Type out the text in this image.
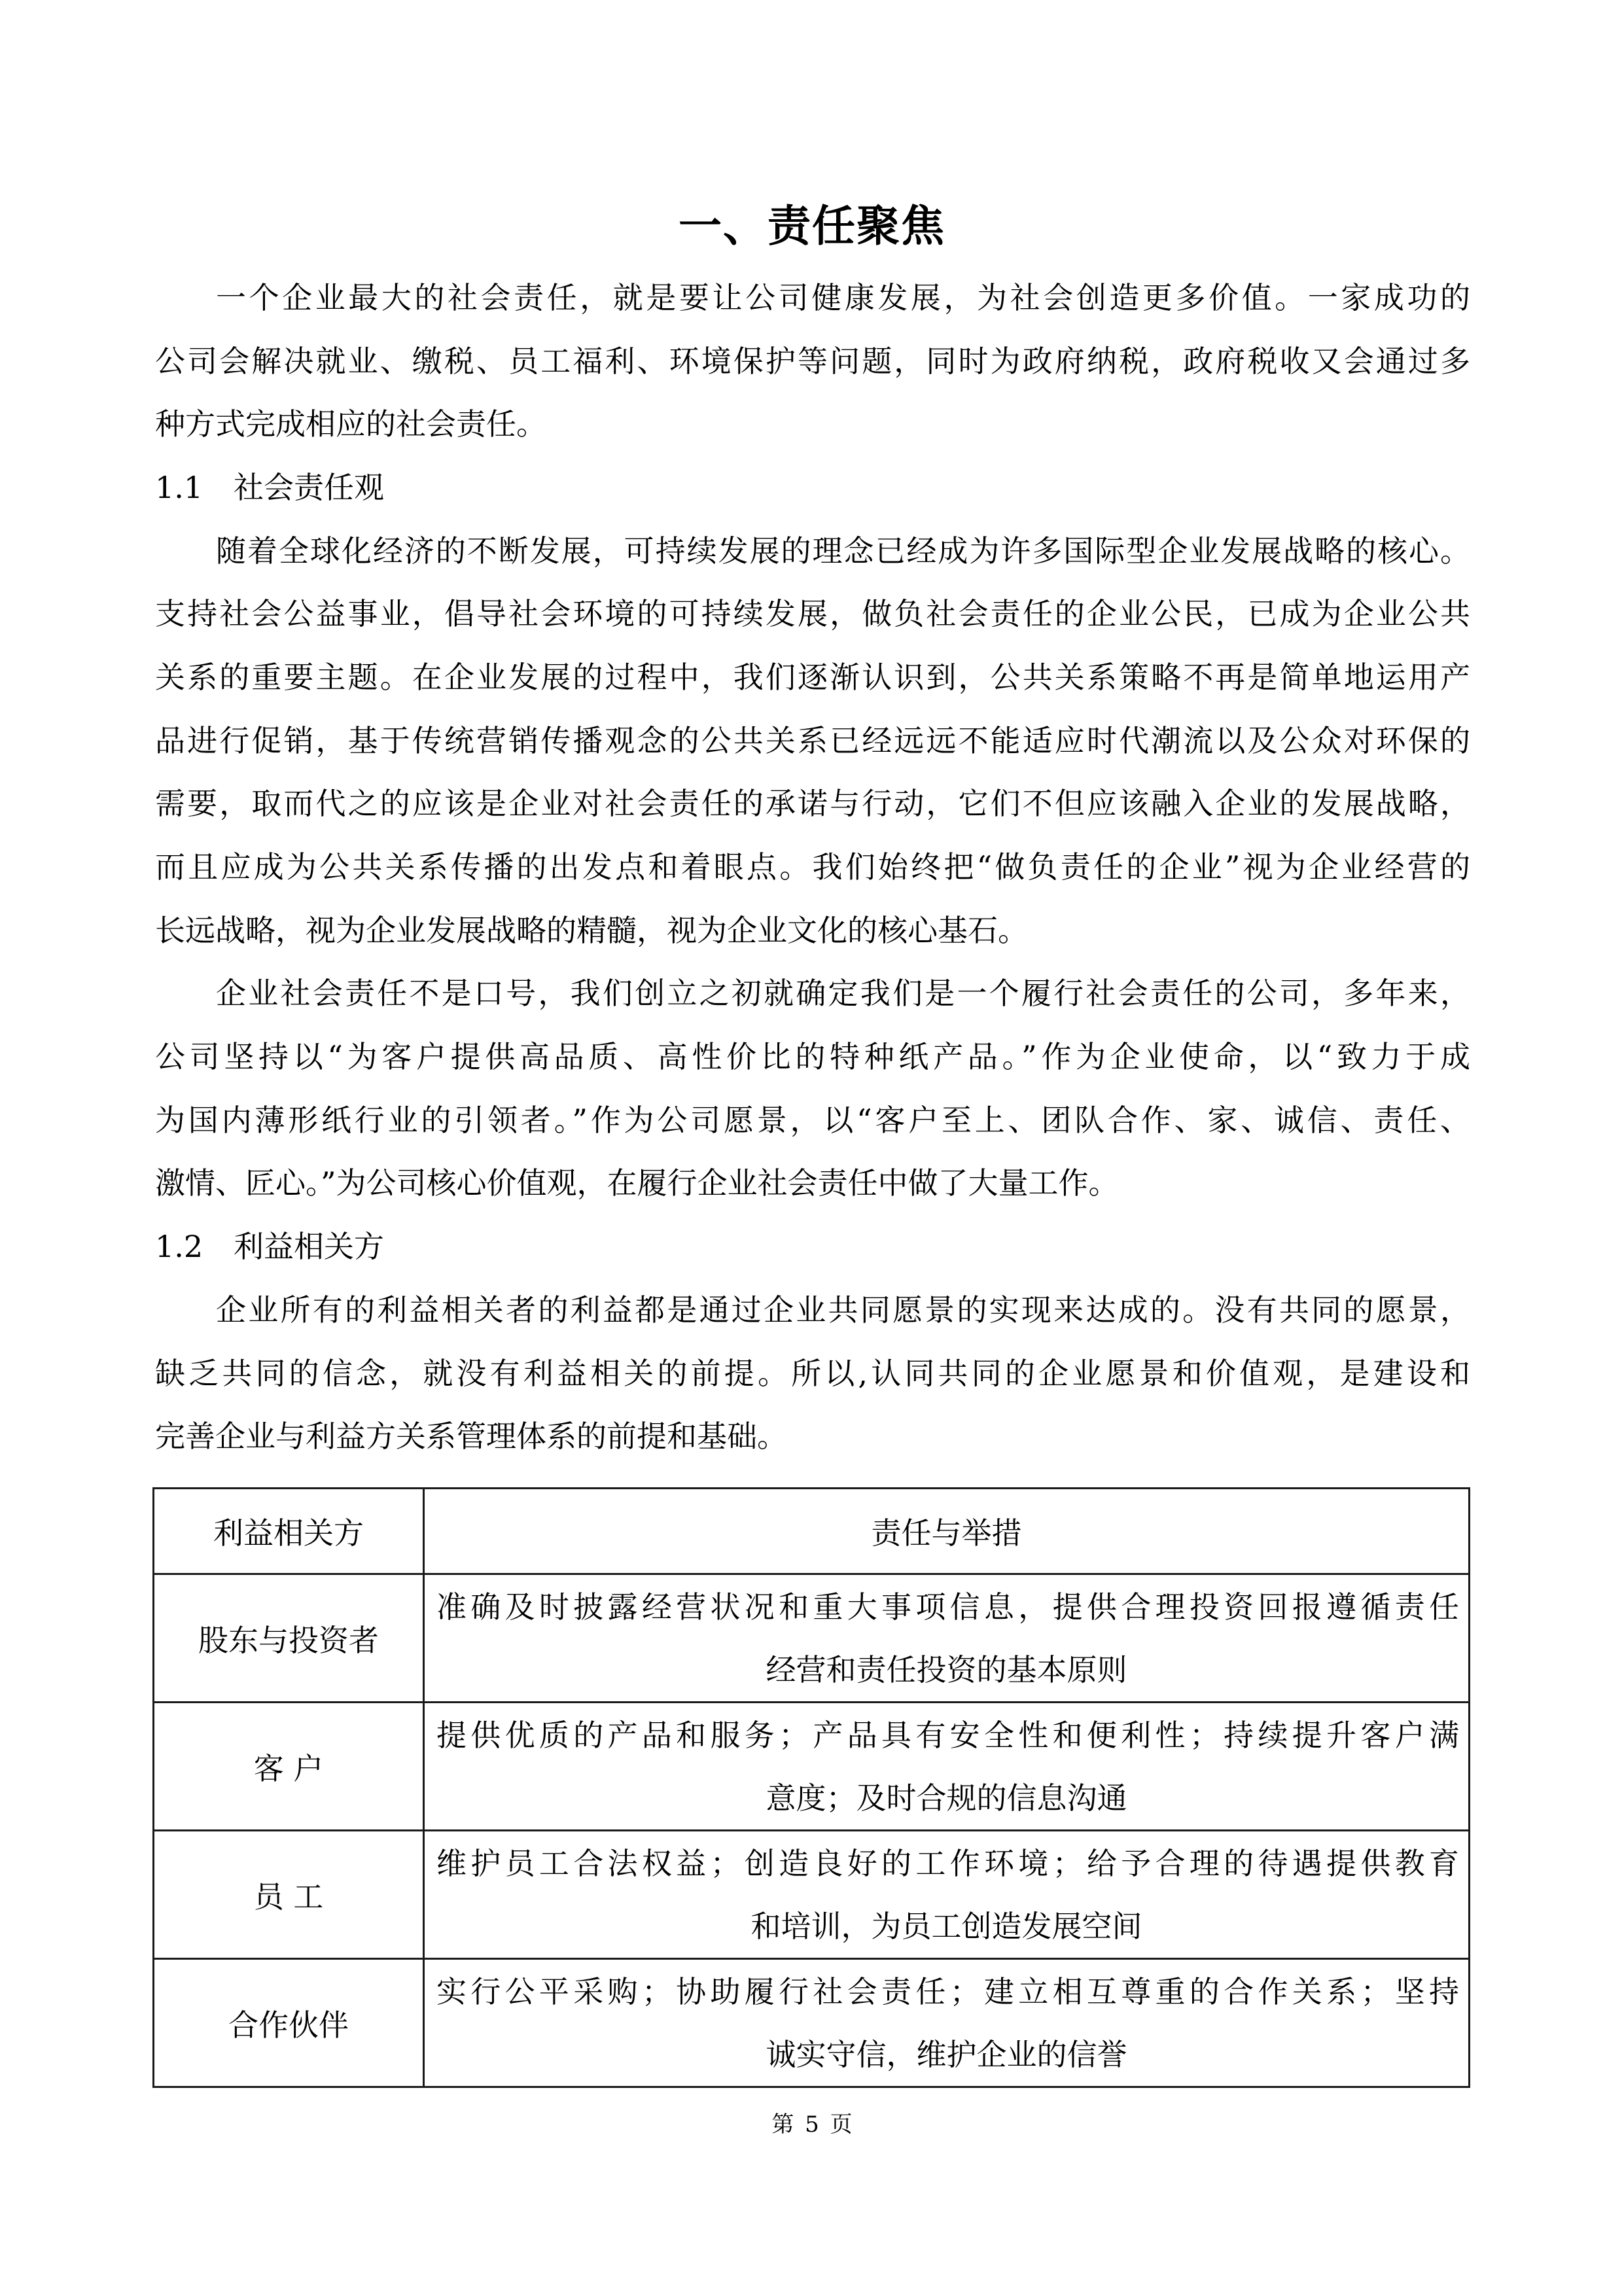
一、责任聚焦
一个企业最大的社会责任，就是要让公司健康发展，为社会创造更多价值。一家成功的
公司会解决就业、缴税、员工福利、环境保护等问题，同时为政府纳税，政府税收又会通过多
种方式完成相应的社会责任。
1.1 社会责任观
随着全球化经济的不断发展，可持续发展的理念已经成为许多国际型企业发展战略的核心。
支持社会公益事业，倡导社会环境的可持续发展，做负社会责任的企业公民，已成为企业公共
关系的重要主题。在企业发展的过程中，我们逐渐认识到，公共关系策略不再是简单地运用产
品进行促销，基于传统营销传播观念的公共关系已经远远不能适应时代潮流以及公众对环保的
需要，取而代之的应该是企业对社会责任的承诺与行动，它们不但应该融入企业的发展战略，
而且应成为公共关系传播的出发点和着眼点。我们始终把“做负责任的企业”视为企业经营的
长远战略，视为企业发展战略的精髓，视为企业文化的核心基石。
企业社会责任不是口号，我们创立之初就确定我们是一个履行社会责任的公司，多年来，
公司坚持以“为客户提供高品质、高性价比的特种纸产品。”作为企业使命，以“致力于成
为国内薄形纸行业的引领者。”作为公司愿景，以“客户至上、团队合作、家、诚信、责任、
激情、匠心。”为公司核心价值观，在履行企业社会责任中做了大量工作。
1.2 利益相关方
企业所有的利益相关者的利益都是通过企业共同愿景的实现来达成的。没有共同的愿景，
缺乏共同的信念，就没有利益相关的前提。所以,认同共同的企业愿景和价值观，是建设和
完善企业与利益方关系管理体系的前提和基础。
利益相关方	责任与举措
股东与投资者	准确及时披露经营状况和重大事项信息，提供合理投资回报遵循责任
经营和责任投资的基本原则

客 户	提供优质的产品和服务；产品具有安全性和便利性；持续提升客户满
意度；及时合规的信息沟通

员 工	维护员工合法权益；创造良好的工作环境；给予合理的待遇提供教育
和培训，为员工创造发展空间

合作伙伴	实行公平采购；协助履行社会责任；建立相互尊重的合作关系；坚持
诚实守信，维护企业的信誉
第 5 页
